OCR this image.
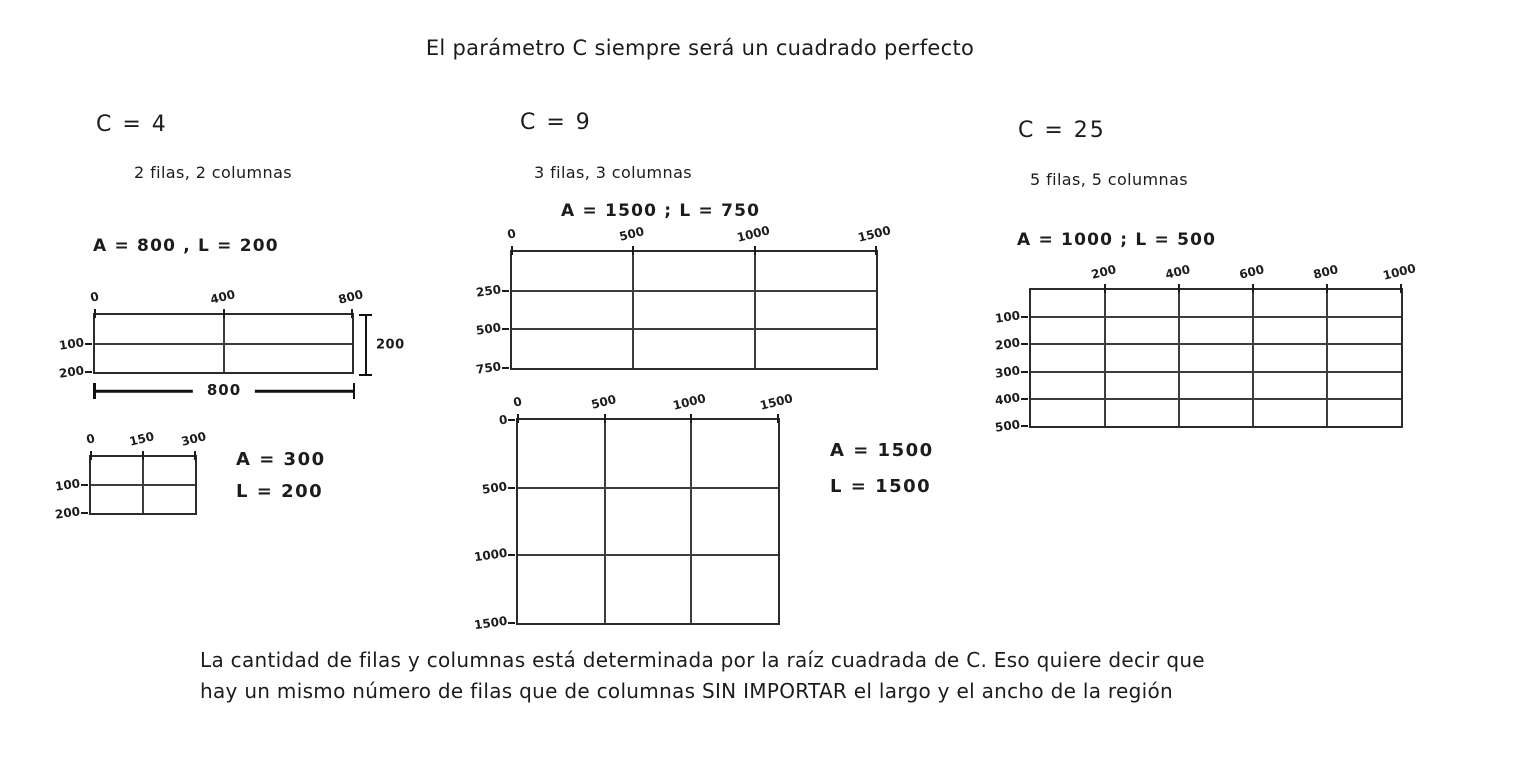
El parámetro C siempre será un cuadrado perfecto
C = 4
2 filas, 2 columnas
A = 800 , L = 200
C = 9
3 filas, 3 columnas
A = 1500 ; L = 750
C = 25
5 filas, 5 columnas
A = 1000 ; L = 500
La cantidad de filas y columnas está determinada por la raíz cuadrada de C. Eso quiere decir que
hay un mismo número de filas que de columnas SIN IMPORTAR el largo y el ancho de la región
0	400	800
100
200
0	150 300
100
200
A = 300
L = 200
200
800
0	500	1000	1500
250
500
750
0	500	1000	1500
0
500
1000
1500
A = 1500
L = 1500
200	400	600	800	1000
100
200
300
400
500
